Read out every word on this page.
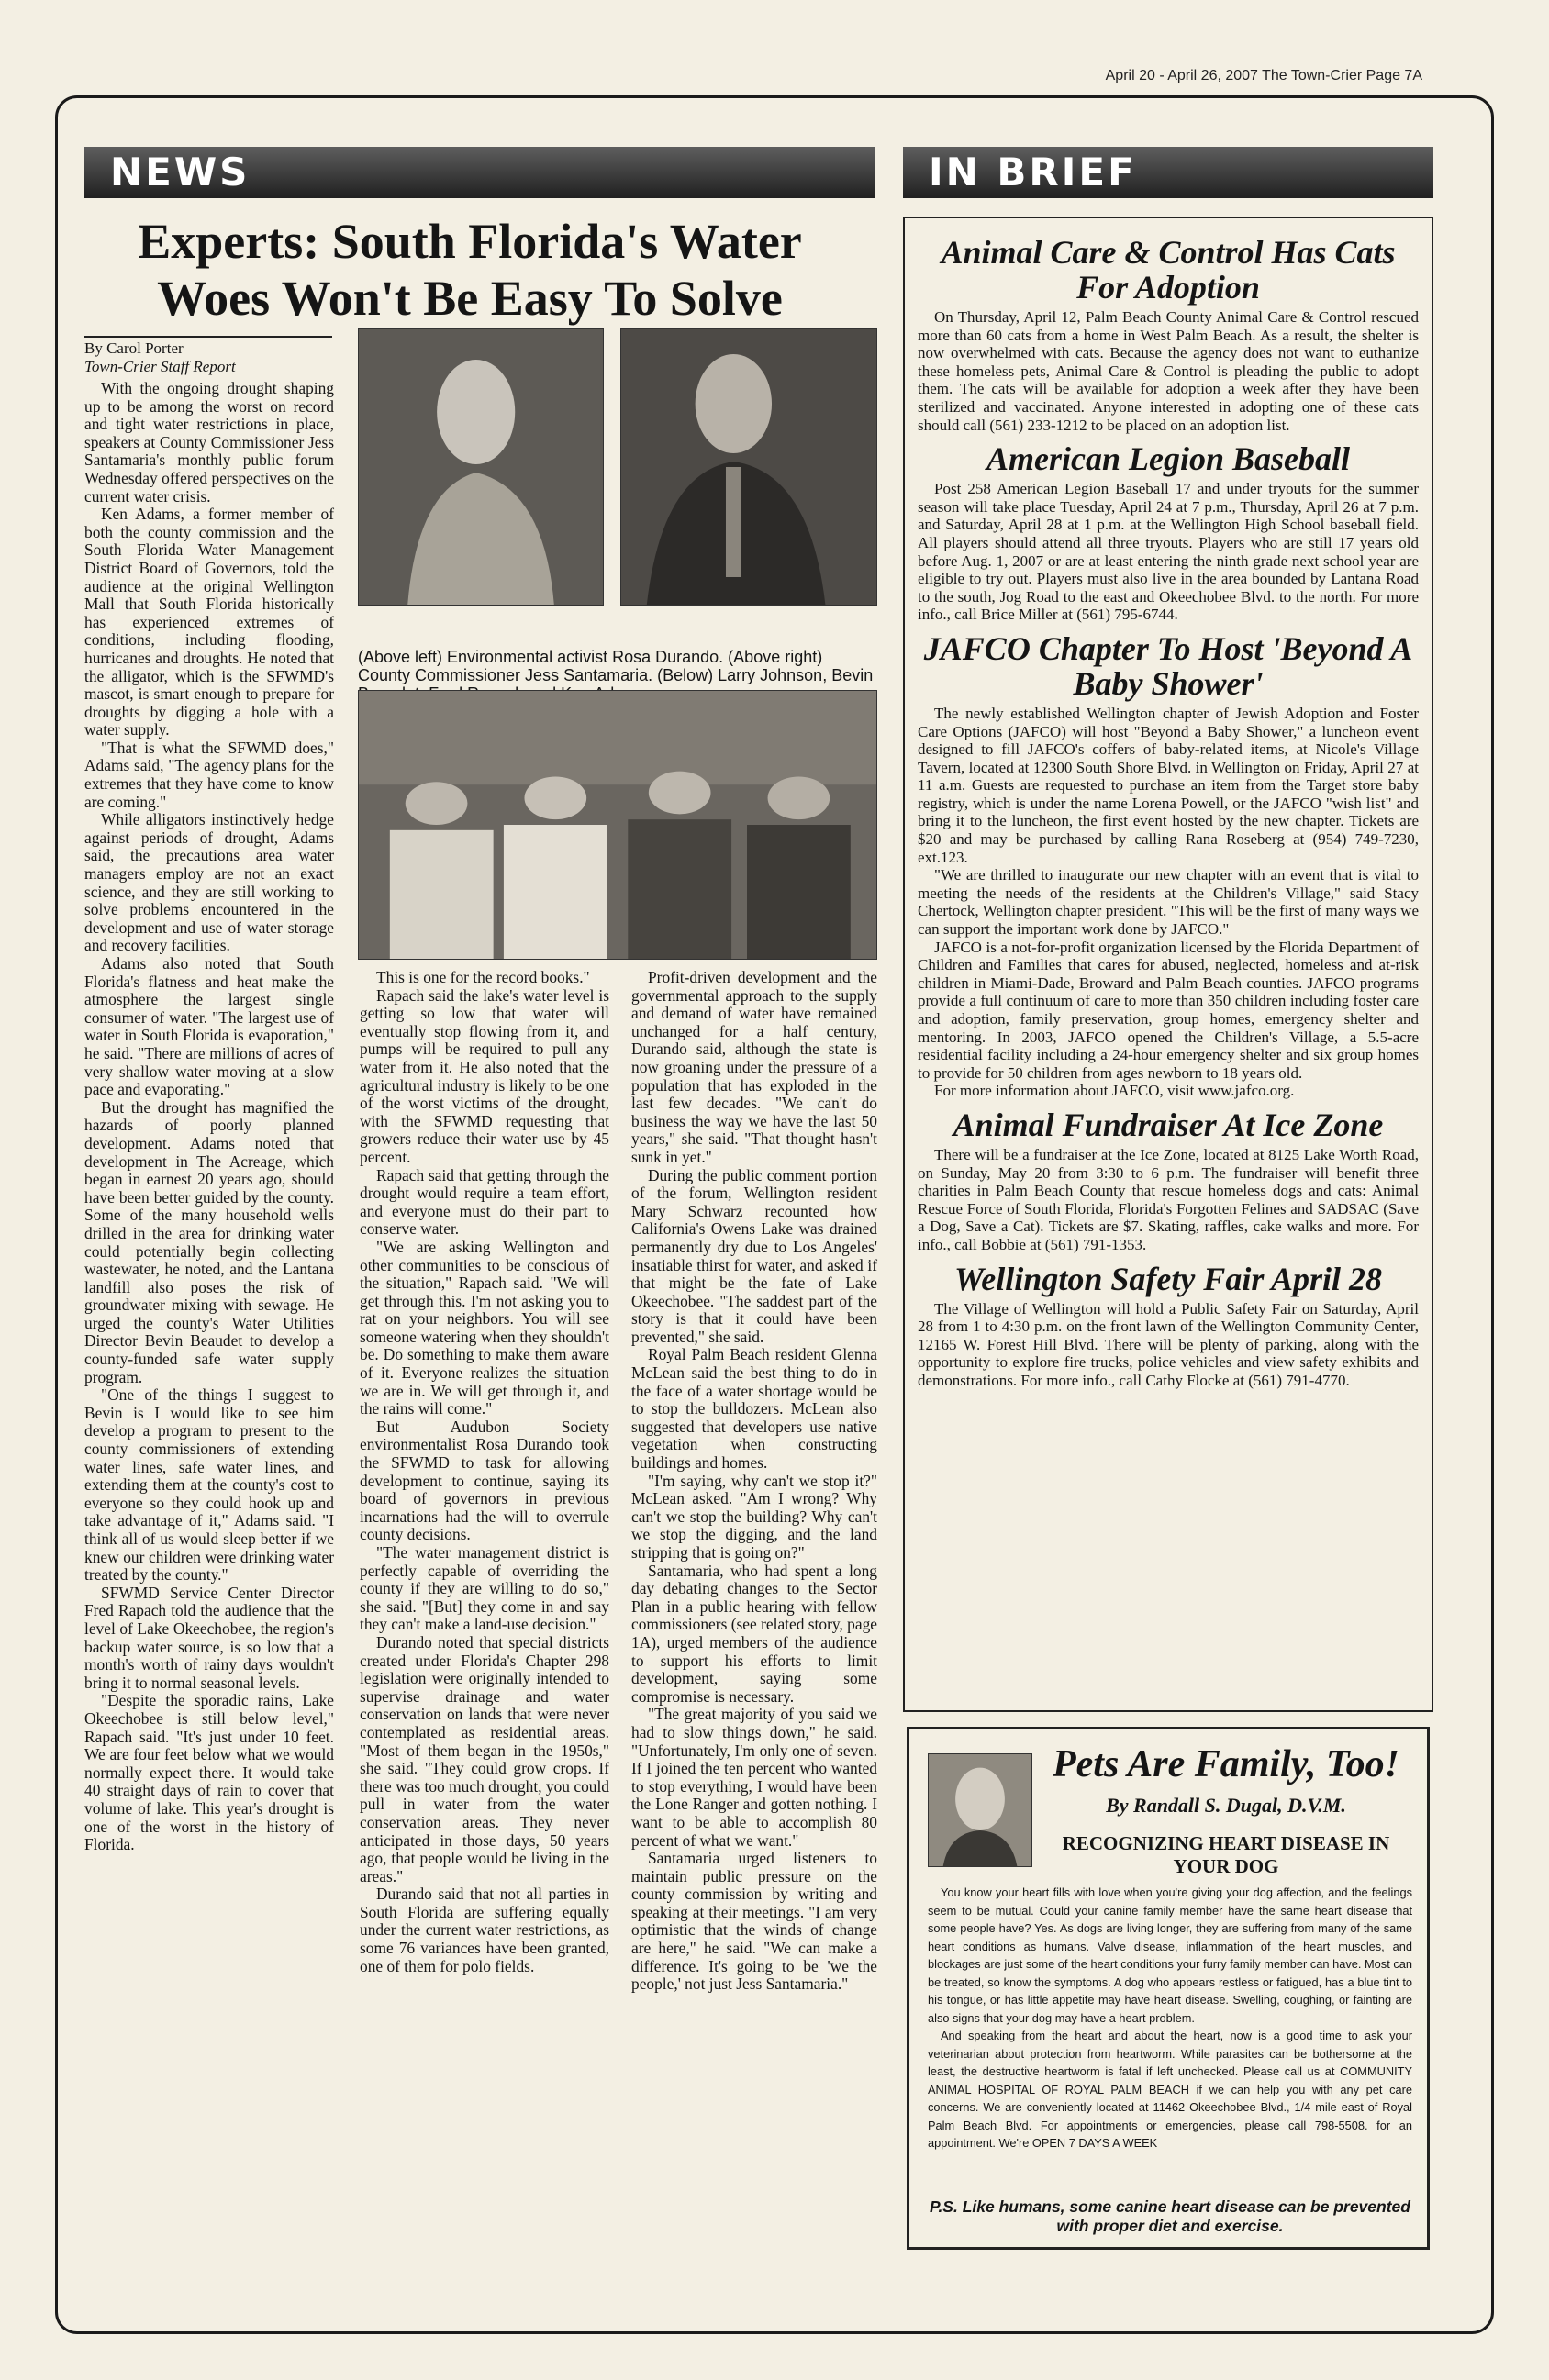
April 20 - April 26, 2007 The Town-Crier Page 7A
NEWS	IN BRIEF
Experts: South Florida's Water Woes Won't Be Easy To Solve
By Carol Porter
Town-Crier Staff Report
(Above left) Environmental activist Rosa Durando. (Above right) County Commissioner Jess Santamaria. (Below) Larry Johnson, Bevin

With the ongoing drought shaping up to be among the worst on record and tight water restrictions in place, speakers at County Commissioner Jess Santamaria's monthly public forum Wednesday offered perspectives on the current water crisis.

Ken Adams, a former member of both the county commission and the South Florida Water Management District Board of Governors, told the audience at the original Wellington Mall that South Florida historically has experienced extremes of conditions, including flooding, hurricanes and droughts. He noted that the alligator, which is the SFWMD's mascot, is smart enough to prepare for droughts by digging a hole with a water supply.

"That is what the SFWMD does," Adams said, "The agency plans for the extremes that they have come to know are coming."

While alligators instinctively hedge against periods of drought, Adams said, the precautions area water managers employ are not an exact science, and they are still working to solve problems encountered in the development and use of water storage and recovery facilities.

Adams also noted that South Florida's flatness and heat make the atmosphere the largest single consumer of water. "The largest use of water in South Florida is evaporation," he said. "There are millions of acres of very shallow water moving at a slow pace and evaporating."

But the drought has magnified the hazards of poorly planned development. Adams noted that development in The Acreage, which began in earnest 20 years ago, should have been better guided by the county. Some of the many household wells drilled in the area for drinking water could potentially begin collecting wastewater, he noted, and the Lantana landfill also poses the risk of groundwater mixing with sewage. He urged the county's Water Utilities Director Bevin Beaudet to develop a county-funded safe water supply program.

"One of the things I suggest to Bevin is I would like to see him develop a program to present to the county commissioners of extending water lines, safe water lines, and extending them at the county's cost to everyone so they could hook up and take advantage of it," Adams said. "I think all of us would sleep better if we knew our children were drinking water treated by the county."

SFWMD Service Center Director Fred Rapach told the audience that the level of Lake Okeechobee, the region's backup water source, is so low that a month's worth of rainy days wouldn't bring it to normal seasonal levels.

"Despite the sporadic rains, Lake Okeechobee is still below level," Rapach said. "It's just under 10 feet. We are four feet below what we would normally expect there. It would take 40 straight days of rain to cover that volume of lake. This year's drought is one of the worst in the history of Florida.

This is one for the record books."

Rapach said the lake's water level is getting so low that water will eventually stop flowing from it, and pumps will be required to pull any water from it. He also noted that the agricultural industry is likely to be one of the worst victims of the drought, with the SFWMD requesting that growers reduce their water use by 45 percent.

Rapach said that getting through the drought would require a team effort, and everyone must do their part to conserve water.

"We are asking Wellington and other communities to be conscious of the situation," Rapach said. "We will get through this. I'm not asking you to rat on your neighbors. You will see someone watering when they shouldn't be. Do something to make them aware of it. Everyone realizes the situation we are in. We will get through it, and the rains will come."

But Audubon Society environmentalist Rosa Durando took the SFWMD to task for allowing development to continue, saying its board of governors in previous incarnations had the will to overrule county decisions.

"The water management district is perfectly capable of overriding the county if they are willing to do so," she said. "[But] they come in and say they can't make a land-use decision."

Durando noted that special districts created under Florida's Chapter 298 legislation were originally intended to supervise drainage and water conservation on lands that were never contemplated as residential areas. "Most of them began in the 1950s," she said. "They could grow crops. If there was too much drought, you could pull in water from the water conservation areas. They never anticipated in those days, 50 years ago, that people would be living in the areas."

Durando said that not all parties in South Florida are suffering equally under the current water restrictions, as some 76 variances have been granted, one of them for polo fields.

Profit-driven development and the governmental approach to the supply and demand of water have remained unchanged for a half century, Durando said, although the state is now groaning under the pressure of a population that has exploded in the last few decades. "We can't do business the way we have the last 50 years," she said. "That thought hasn't sunk in yet."

During the public comment portion of the forum, Wellington resident Mary Schwarz recounted how California's Owens Lake was drained permanently dry due to Los Angeles' insatiable thirst for water, and asked if that might be the fate of Lake Okeechobee. "The saddest part of the story is that it could have been prevented," she said.

Royal Palm Beach resident Glenna McLean said the best thing to do in the face of a water shortage would be to stop the bulldozers. McLean also suggested that developers use native vegetation when constructing buildings and homes.

"I'm saying, why can't we stop it?" McLean asked. "Am I wrong? Why can't we stop the building? Why can't we stop the digging, and the land stripping that is going on?"

Santamaria, who had spent a long day debating changes to the Sector Plan in a public hearing with fellow commissioners (see related story, page 1A), urged members of the audience to support his efforts to limit development, saying some compromise is necessary.

"The great majority of you said we had to slow things down," he said. "Unfortunately, I'm only one of seven. If I joined the ten percent who wanted to stop everything, I would have been the Lone Ranger and gotten nothing. I want to be able to accomplish 80 percent of what we want."

Santamaria urged listeners to maintain public pressure on the county commission by writing and speaking at their meetings. "I am very optimistic that the winds of change are here," he said. "We can make a difference. It's going to be 'we the people,' not just Jess Santamaria."

Animal Care & Control Has Cats For Adoption

On Thursday, April 12, Palm Beach County Animal Care & Control rescued more than 60 cats from a home in West Palm Beach. As a result, the shelter is now overwhelmed with cats. Because the agency does not want to euthanize these homeless pets, Animal Care & Control is pleading the public to adopt them. The cats will be available for adoption a week after they have been sterilized and vaccinated. Anyone interested in adopting one of these cats should call (561) 233-1212 to be placed on an adoption list.

American Legion Baseball

Post 258 American Legion Baseball 17 and under tryouts for the summer season will take place Tuesday, April 24 at 7 p.m., Thursday, April 26 at 7 p.m. and Saturday, April 28 at 1 p.m. at the Wellington High School baseball field. All players should attend all three tryouts. Players who are still 17 years old before Aug. 1, 2007 or are at least entering the ninth grade next school year are eligible to try out. Players must also live in the area bounded by Lantana Road to the south, Jog Road to the east and Okeechobee Blvd. to the north. For more info., call Brice Miller at (561) 795-6744.

JAFCO Chapter To Host 'Beyond A Baby Shower'

The newly established Wellington chapter of Jewish Adoption and Foster Care Options (JAFCO) will host "Beyond a Baby Shower," a luncheon event designed to fill JAFCO's coffers of baby-related items, at Nicole's Village Tavern, located at 12300 South Shore Blvd. in Wellington on Friday, April 27 at 11 a.m. Guests are requested to purchase an item from the Target store baby registry, which is under the name Lorena Powell, or the JAFCO "wish list" and bring it to the luncheon, the first event hosted by the new chapter. Tickets are $20 and may be purchased by calling Rana Roseberg at (954) 749-7230, ext.123.

"We are thrilled to inaugurate our new chapter with an event that is vital to meeting the needs of the residents at the Children's Village," said Stacy Chertock, Wellington chapter president. "This will be the first of many ways we can support the important work done by JAFCO."

JAFCO is a not-for-profit organization licensed by the Florida Department of Children and Families that cares for abused, neglected, homeless and at-risk children in Miami-Dade, Broward and Palm Beach counties. JAFCO programs provide a full continuum of care to more than 350 children including foster care and adoption, family preservation, group homes, emergency shelter and mentoring. In 2003, JAFCO opened the Children's Village, a 5.5-acre residential facility including a 24-hour emergency shelter and six group homes to provide for 50 children from ages newborn to 18 years old.

For more information about JAFCO, visit www.jafco.org.

Animal Fundraiser At Ice Zone

There will be a fundraiser at the Ice Zone, located at 8125 Lake Worth Road, on Sunday, May 20 from 3:30 to 6 p.m. The fundraiser will benefit three charities in Palm Beach County that rescue homeless dogs and cats: Animal Rescue Force of South Florida, Florida's Forgotten Felines and SADSAC (Save a Dog, Save a Cat). Tickets are $7. Skating, raffles, cake walks and more. For info., call Bobbie at (561) 791-1353.

Wellington Safety Fair April 28

The Village of Wellington will hold a Public Safety Fair on Saturday, April 28 from 1 to 4:30 p.m. on the front lawn of the Wellington Community Center, 12165 W. Forest Hill Blvd. There will be plenty of parking, along with the opportunity to explore fire trucks, police vehicles and view safety exhibits and demonstrations. For more info., call Cathy Flocke at (561) 791-4770.

Pets Are Family, Too!
By Randall S. Dugal, D.V.M.
RECOGNIZING HEART DISEASE IN YOUR DOG

You know your heart fills with love when you're giving your dog affection, and the feelings seem to be mutual. Could your canine family member have the same heart disease that some people have? Yes. As dogs are living longer, they are suffering from many of the same heart conditions as humans. Valve disease, inflammation of the heart muscles, and blockages are just some of the heart conditions your furry family member can have. Most can be treated, so know the symptoms. A dog who appears restless or fatigued, has a blue tint to his tongue, or has little appetite may have heart disease. Swelling, coughing, or fainting are also signs that your dog may have a heart problem.

And speaking from the heart and about the heart, now is a good time to ask your veterinarian about protection from heartworm. While parasites can be bothersome at the least, the destructive heartworm is fatal if left unchecked. Please call us at COMMUNITY ANIMAL HOSPITAL OF ROYAL PALM BEACH if we can help you with any pet care concerns. We are conveniently located at 11462 Okeechobee Blvd., 1/4 mile east of Royal Palm Beach Blvd. For appointments or emergencies, please call 798-5508. for an appointment. We're OPEN 7 DAYS A WEEK

P.S. Like humans, some canine heart disease can be prevented with proper diet and exercise.
